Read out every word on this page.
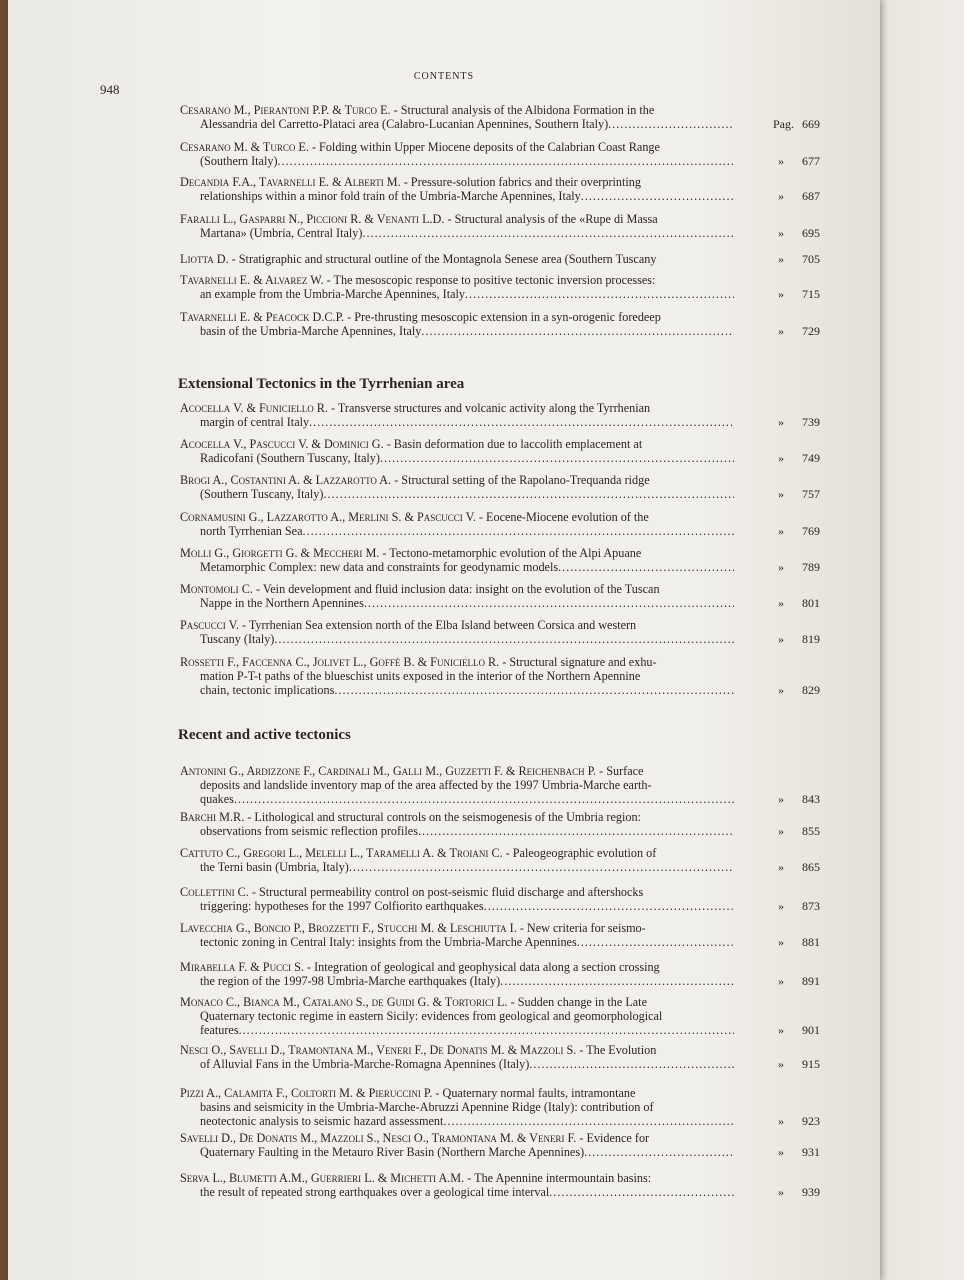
948
CONTENTS
Cesarano M., Pierantoni P.P. & Turco E. - Structural analysis of the Albidona Formation in the
Alessandria del Carretto-Plataci area (Calabro-Lucanian Apennines, Southern Italy) .....	Pag. 669
Cesarano M. & Turco E. - Folding within Upper Miocene deposits of the Calabrian Coast Range
(Southern Italy) .....	» 677
Decandia F.A., Tavarnelli E. & Alberti M. - Pressure-solution fabrics and their overprinting
relationships within a minor fold train of the Umbria-Marche Apennines, Italy .....	» 687
Faralli L., Gasparri N., Piccioni R. & Venanti L.D. - Structural analysis of the «Rupe di Massa
Martana» (Umbria, Central Italy) .....	» 695
Liotta D. - Stratigraphic and structural outline of the Montagnola Senese area (Southern Tuscany	» 705
Tavarnelli E. & Alvarez W. - The mesoscopic response to positive tectonic inversion processes:
an example from the Umbria-Marche Apennines, Italy .....	» 715
Tavarnelli E. & Peacock D.C.P. - Pre-thrusting mesoscopic extension in a syn-orogenic foredeep
basin of the Umbria-Marche Apennines, Italy .....	» 729
Extensional Tectonics in the Tyrrhenian area
Acocella V. & Funiciello R. - Transverse structures and volcanic activity along the Tyrrhenian
margin of central Italy .....	» 739
Acocella V., Pascucci V. & Dominici G. - Basin deformation due to laccolith emplacement at
Radicofani (Southern Tuscany, Italy) .....	» 749
Brogi A., Costantini A. & Lazzarotto A. - Structural setting of the Rapolano-Trequanda ridge
(Southern Tuscany, Italy) .....	» 757
Cornamusini G., Lazzarotto A., Merlini S. & Pascucci V. - Eocene-Miocene evolution of the
north Tyrrhenian Sea .....	» 769
Molli G., Giorgetti G. & Meccheri M. - Tectono-metamorphic evolution of the Alpi Apuane
Metamorphic Complex: new data and constraints for geodynamic models .....	» 789
Montomoli C. - Vein development and fluid inclusion data: insight on the evolution of the Tuscan
Nappe in the Northern Apennines .....	» 801
Pascucci V. - Tyrrhenian Sea extension north of the Elba Island between Corsica and western
Tuscany (Italy) .....	» 819
Rossetti F., Faccenna C., Jolivet L., Goffé B. & Funiciello R. - Structural signature and exhu-
mation P-T-t paths of the blueschist units exposed in the interior of the Northern Apennine
chain, tectonic implications .....	» 829
Recent and active tectonics
Antonini G., Ardizzone F., Cardinali M., Galli M., Guzzetti F. & Reichenbach P. - Surface
deposits and landslide inventory map of the area affected by the 1997 Umbria-Marche earth-
quakes .....	» 843
Barchi M.R. - Lithological and structural controls on the seismogenesis of the Umbria region:
observations from seismic reflection profiles .....	» 855
Cattuto C., Gregori L., Melelli L., Taramelli A. & Troiani C. - Paleogeographic evolution of
the Terni basin (Umbria, Italy) .....	» 865
Collettini C. - Structural permeability control on post-seismic fluid discharge and aftershocks
triggering: hypotheses for the 1997 Colfiorito earthquakes .....	» 873
Lavecchia G., Boncio P., Brozzetti F., Stucchi M. & Leschiutta I. - New criteria for seismo-
tectonic zoning in Central Italy: insights from the Umbria-Marche Apennines .....	» 881
Mirabella F. & Pucci S. - Integration of geological and geophysical data along a section crossing
the region of the 1997-98 Umbria-Marche earthquakes (Italy) .....	» 891
Monaco C., Bianca M., Catalano S., de Guidi G. & Tortorici L. - Sudden change in the Late
Quaternary tectonic regime in eastern Sicily: evidences from geological and geomorphological
features .....	» 901
Nesci O., Savelli D., Tramontana M., Veneri F., De Donatis M. & Mazzoli S. - The Evolution
of Alluvial Fans in the Umbria-Marche-Romagna Apennines (Italy) .....	» 915
Pizzi A., Calamita F., Coltorti M. & Pieruccini P. - Quaternary normal faults, intramontane
basins and seismicity in the Umbria-Marche-Abruzzi Apennine Ridge (Italy): contribution of
neotectonic analysis to seismic hazard assessment .....	» 923
Savelli D., De Donatis M., Mazzoli S., Nesci O., Tramontana M. & Veneri F. - Evidence for
Quaternary Faulting in the Metauro River Basin (Northern Marche Apennines) .....	» 931
Serva L., Blumetti A.M., Guerrieri L. & Michetti A.M. - The Apennine intermountain basins:
the result of repeated strong earthquakes over a geological time interval .....	» 939
